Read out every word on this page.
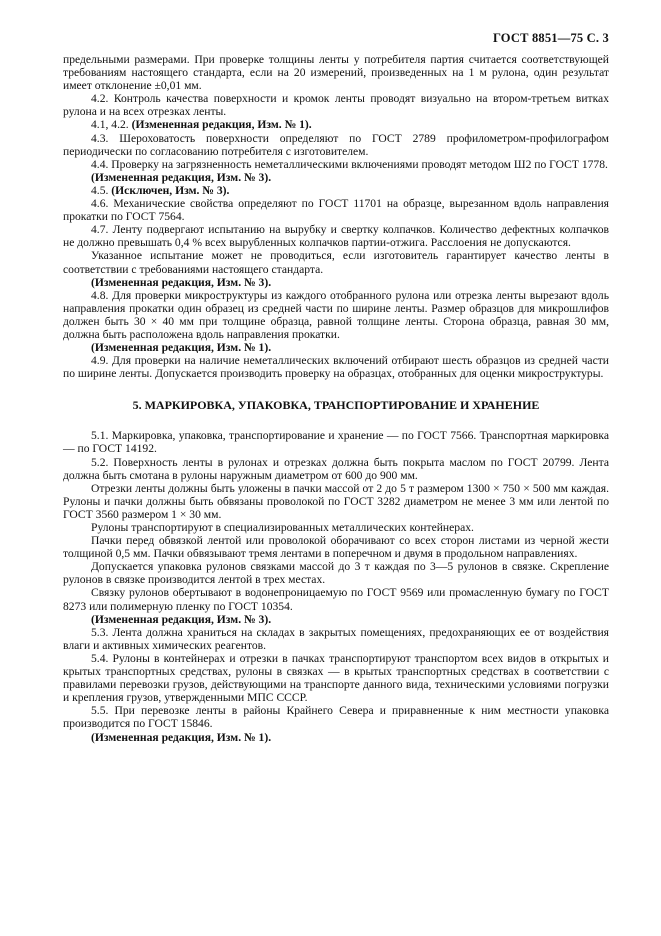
ГОСТ 8851—75 С. 3

предельными размерами. При проверке толщины ленты у потребителя партия считается соответствующей требованиям настоящего стандарта, если на 20 измерений, произведенных на 1 м рулона, один результат имеет отклонение ±0,01 мм.

4.2. Контроль качества поверхности и кромок ленты проводят визуально на втором-третьем витках рулона и на всех отрезках ленты.

4.1, 4.2. (Измененная редакция, Изм. № 1).

4.3. Шероховатость поверхности определяют по ГОСТ 2789 профилометром-профилографом периодически по согласованию потребителя с изготовителем.

4.4. Проверку на загрязненность неметаллическими включениями проводят методом Ш2 по ГОСТ 1778.

(Измененная редакция, Изм. № 3).

4.5. (Исключен, Изм. № 3).

4.6. Механические свойства определяют по ГОСТ 11701 на образце, вырезанном вдоль направления прокатки по ГОСТ 7564.

4.7. Ленту подвергают испытанию на вырубку и свертку колпачков. Количество дефектных колпачков не должно превышать 0,4 % всех вырубленных колпачков партии-отжига. Расслоения не допускаются.

Указанное испытание может не проводиться, если изготовитель гарантирует качество ленты в соответствии с требованиями настоящего стандарта.

(Измененная редакция, Изм. № 3).

4.8. Для проверки микроструктуры из каждого отобранного рулона или отрезка ленты вырезают вдоль направления прокатки один образец из средней части по ширине ленты. Размер образцов для микрошлифов должен быть 30 × 40 мм при толщине образца, равной толщине ленты. Сторона образца, равная 30 мм, должна быть расположена вдоль направления прокатки.

(Измененная редакция, Изм. № 1).

4.9. Для проверки на наличие неметаллических включений отбирают шесть образцов из средней части по ширине ленты. Допускается производить проверку на образцах, отобранных для оценки микроструктуры.

5. МАРКИРОВКА, УПАКОВКА, ТРАНСПОРТИРОВАНИЕ И ХРАНЕНИЕ

5.1. Маркировка, упаковка, транспортирование и хранение — по ГОСТ 7566. Транспортная маркировка — по ГОСТ 14192.

5.2. Поверхность ленты в рулонах и отрезках должна быть покрыта маслом по ГОСТ 20799. Лента должна быть смотана в рулоны наружным диаметром от 600 до 900 мм.

Отрезки ленты должны быть уложены в пачки массой от 2 до 5 т размером 1300 × 750 × 500 мм каждая. Рулоны и пачки должны быть обвязаны проволокой по ГОСТ 3282 диаметром не менее 3 мм или лентой по ГОСТ 3560 размером 1 × 30 мм.

Рулоны транспортируют в специализированных металлических контейнерах.

Пачки перед обвязкой лентой или проволокой оборачивают со всех сторон листами из черной жести толщиной 0,5 мм. Пачки обвязывают тремя лентами в поперечном и двумя в продольном направлениях.

Допускается упаковка рулонов связками массой до 3 т каждая по 3—5 рулонов в связке. Скрепление рулонов в связке производится лентой в трех местах.

Связку рулонов обертывают в водонепроницаемую по ГОСТ 9569 или промасленную бумагу по ГОСТ 8273 или полимерную пленку по ГОСТ 10354.

(Измененная редакция, Изм. № 3).

5.3. Лента должна храниться на складах в закрытых помещениях, предохраняющих ее от воздействия влаги и активных химических реагентов.

5.4. Рулоны в контейнерах и отрезки в пачках транспортируют транспортом всех видов в открытых и крытых транспортных средствах, рулоны в связках — в крытых транспортных средствах в соответствии с правилами перевозки грузов, действующими на транспорте данного вида, техническими условиями погрузки и крепления грузов, утвержденными МПС СССР.

5.5. При перевозке ленты в районы Крайнего Севера и приравненные к ним местности упаковка производится по ГОСТ 15846.

(Измененная редакция, Изм. № 1).
